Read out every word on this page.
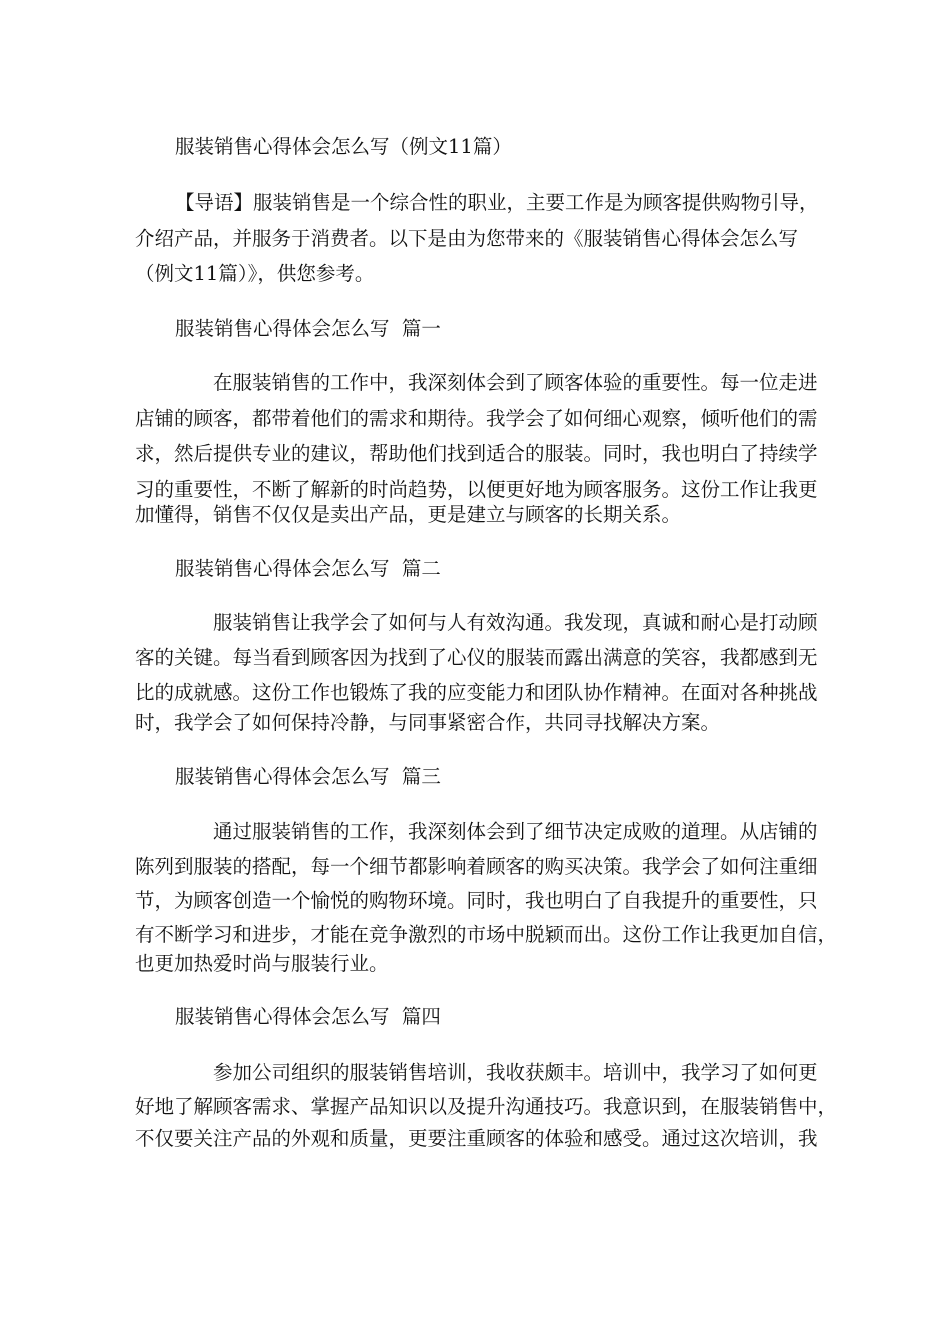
服装销售心得体会怎么写（例文11篇）
【导语】服装销售是一个综合性的职业，主要工作是为顾客提供购物引导，
介绍产品，并服务于消费者。以下是由为您带来的《服装销售心得体会怎么写
（例文11篇）》，供您参考。
服装销售心得体会怎么写  篇一
在服装销售的工作中，我深刻体会到了顾客体验的重要性。每一位走进
店铺的顾客，都带着他们的需求和期待。我学会了如何细心观察，倾听他们的需
求，然后提供专业的建议，帮助他们找到适合的服装。同时，我也明白了持续学
习的重要性，不断了解新的时尚趋势，以便更好地为顾客服务。这份工作让我更
加懂得，销售不仅仅是卖出产品，更是建立与顾客的长期关系。
服装销售心得体会怎么写  篇二
服装销售让我学会了如何与人有效沟通。我发现，真诚和耐心是打动顾
客的关键。每当看到顾客因为找到了心仪的服装而露出满意的笑容，我都感到无
比的成就感。这份工作也锻炼了我的应变能力和团队协作精神。在面对各种挑战
时，我学会了如何保持冷静，与同事紧密合作，共同寻找解决方案。
服装销售心得体会怎么写  篇三
通过服装销售的工作，我深刻体会到了细节决定成败的道理。从店铺的
陈列到服装的搭配，每一个细节都影响着顾客的购买决策。我学会了如何注重细
节，为顾客创造一个愉悦的购物环境。同时，我也明白了自我提升的重要性，只
有不断学习和进步，才能在竞争激烈的市场中脱颖而出。这份工作让我更加自信，
也更加热爱时尚与服装行业。
服装销售心得体会怎么写  篇四
参加公司组织的服装销售培训，我收获颇丰。培训中，我学习了如何更
好地了解顾客需求、掌握产品知识以及提升沟通技巧。我意识到，在服装销售中，
不仅要关注产品的外观和质量，更要注重顾客的体验和感受。通过这次培训，我
